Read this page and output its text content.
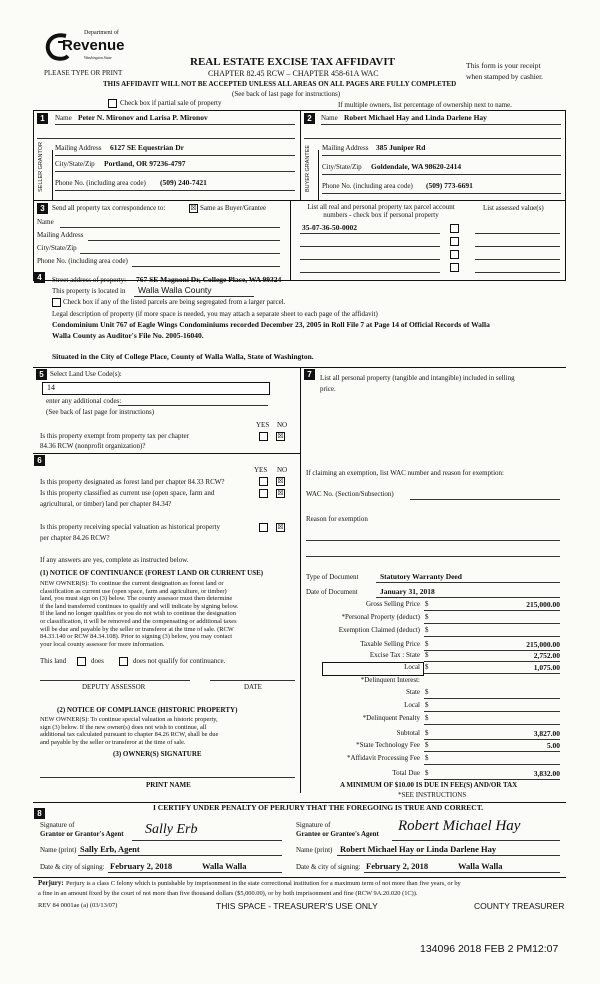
Department of
Revenue
Washington State
PLEASE TYPE OR PRINT
REAL ESTATE EXCISE TAX AFFIDAVIT
CHAPTER 82.45 RCW – CHAPTER 458-61A WAC
THIS AFFIDAVIT WILL NOT BE ACCEPTED UNLESS ALL AREAS ON ALL PAGES ARE FULLY COMPLETED
(See back of last page for instructions)
This form is your receipt
when stamped by cashier.
Check box if partial sale of property	If multiple owners, list percentage of ownership next to name.
1	Name Peter N. Mironov and Larisa P. Mironov
SELLER GRANTOR Mailing Address 6127 SE Equestrian Dr
City/State/Zip Portland, OR 97236-4797
Phone No. (including area code) (509) 240-7421
2	Name Robert Michael Hay and Linda Darlene Hay
BUYER GRANTEE Mailing Address 385 Juniper Rd
City/State/Zip Goldendale, WA 98620-2414
Phone No. (including area code) (509) 773-6691
3	Send all property tax correspondence to:	☒ Same as Buyer/Grantee
Name
Mailing Address
City/State/Zip
Phone No. (including area code)
List all real and personal property tax parcel account numbers - check box if personal property
List assessed value(s)
35-07-36-50-0002
4	Street address of property: 767 SE Magnoni Dr, College Place, WA 99324
This property is located in Walla Walla County
Check box if any of the listed parcels are being segregated from a larger parcel.
Legal description of property (if more space is needed, you may attach a separate sheet to each page of the affidavit)
Condominium Unit 767 of Eagle Wings Condominiums recorded December 23, 2005 in Roll File 7 at Page 14 of Official Records of Walla
Walla County as Auditor's File No. 2005-16040.
Situated in the City of College Place, County of Walla Walla, State of Washington.
5 Select Land Use Code(s):
14
enter any additional codes:
(See back of last page for instructions)
YES NO
Is this property exempt from property tax per chapter
84.36 RCW (nonprofit organization)?
☒
7	List all personal property (tangible and intangible) included in selling
price.
6
YES NO
Is this property designated as forest land per chapter 84.33 RCW?	☒
Is this property classified as current use (open space, farm and
agricultural, or timber) land per chapter 84.34?
☒
Is this property receiving special valuation as historical property
per chapter 84.26 RCW?
☒
If any answers are yes, complete as instructed below.
(1) NOTICE OF CONTINUANCE (FOREST LAND OR CURRENT USE)
NEW OWNER(S): To continue the current designation as forest land or
classification as current use (open space, farm and agriculture, or timber)
land, you must sign on (3) below. The county assessor must then determine
if the land transferred continues to qualify and will indicate by signing below.
If the land no longer qualifies or you do not wish to continue the designation
or classification, it will be removed and the compensating or additional taxes
will be due and payable by the seller or transferor at the time of sale. (RCW
84.33.140 or RCW 84.34.108). Prior to signing (3) below, you may contact
your local county assessor for more information.
This land	does	does not qualify for continuance.
DEPUTY ASSESSOR	DATE
(2) NOTICE OF COMPLIANCE (HISTORIC PROPERTY)
NEW OWNER(S): To continue special valuation as historic property,
sign (3) below. If the new owner(s) does not wish to continue, all
additional tax calculated pursuant to chapter 84.26 RCW, shall be due
and payable by the seller or transferor at the time of sale.
(3) OWNER(S) SIGNATURE
PRINT NAME
If claiming an exemption, list WAC number and reason for exemption:
WAC No. (Section/Subsection)
Reason for exemption
Type of Document	Statutory Warranty Deed
Date of Document	January 31, 2018
Gross Selling Price $	215,000.00
*Personal Property (deduct) $
Exemption Claimed (deduct) $
Taxable Selling Price $	215,000.00
Excise Tax : State $	2,752.00
Local $	1,075.00
*Delinquent Interest:
State $
Local $
*Delinquent Penalty $
Subtotal $	3,827.00
*State Technology Fee $	5.00
*Affidavit Processing Fee $
Total Due $	3,832.00
A MINIMUM OF $10.00 IS DUE IN FEE(S) AND/OR TAX
*SEE INSTRUCTIONS
8
I CERTIFY UNDER PENALTY OF PERJURY THAT THE FOREGOING IS TRUE AND CORRECT.
Signature of
Grantor or Grantor's Agent Sally Erb
Name (print) Sally Erb, Agent
Date & city of signing: February 2, 2018	Walla Walla
Signature of
Grantee or Grantee's Agent Robert Michael Hay
Name (print) Robert Michael Hay or Linda Darlene Hay
Date & city of signing: February 2, 2018	Walla Walla
Perjury: Perjury is a class C felony which is punishable by imprisonment in the state correctional institution for a maximum term of not more than five years, or by
a fine in an amount fixed by the court of not more than five thousand dollars ($5,000.00), or by both imprisonment and fine (RCW 9A.20.020 (1C)).
REV 84 0001ae (a) (03/13/07)	THIS SPACE - TREASURER'S USE ONLY	COUNTY TREASURER
134096 2018 FEB 2 PM12:07
